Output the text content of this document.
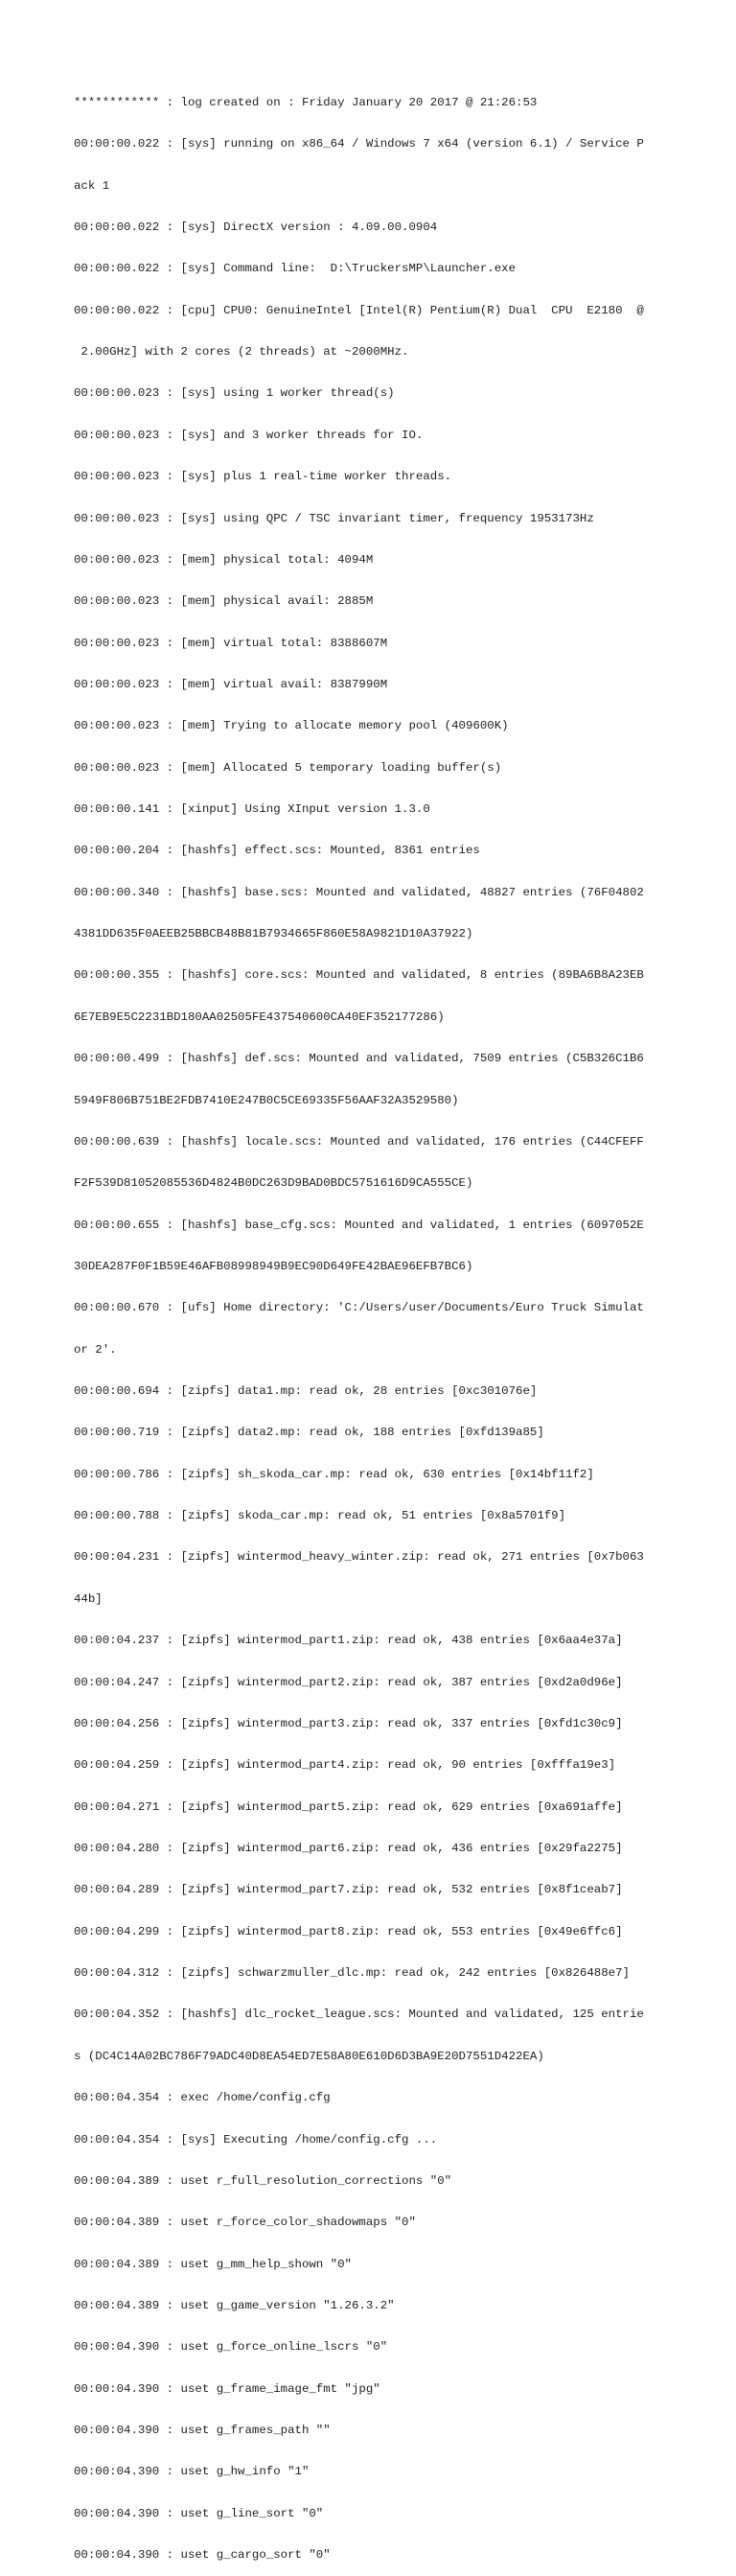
************ : log created on : Friday January 20 2017 @ 21:26:53

00:00:00.022 : [sys] running on x86_64 / Windows 7 x64 (version 6.1) / Service P

ack 1

00:00:00.022 : [sys] DirectX version : 4.09.00.0904

00:00:00.022 : [sys] Command line:  D:\TruckersMP\Launcher.exe

00:00:00.022 : [cpu] CPU0: GenuineIntel [Intel(R) Pentium(R) Dual  CPU  E2180  @

2.00GHz] with 2 cores (2 threads) at ~2000MHz.

00:00:00.023 : [sys] using 1 worker thread(s)

00:00:00.023 : [sys] and 3 worker threads for IO.

00:00:00.023 : [sys] plus 1 real-time worker threads.

00:00:00.023 : [sys] using QPC / TSC invariant timer, frequency 1953173Hz

00:00:00.023 : [mem] physical total: 4094M

00:00:00.023 : [mem] physical avail: 2885M

00:00:00.023 : [mem] virtual total: 8388607M

00:00:00.023 : [mem] virtual avail: 8387990M

00:00:00.023 : [mem] Trying to allocate memory pool (409600K)

00:00:00.023 : [mem] Allocated 5 temporary loading buffer(s)

00:00:00.141 : [xinput] Using XInput version 1.3.0

00:00:00.204 : [hashfs] effect.scs: Mounted, 8361 entries

00:00:00.340 : [hashfs] base.scs: Mounted and validated, 48827 entries (76F04802

4381DD635F0AEEB25BBCB48B81B7934665F860E58A9821D10A37922)

00:00:00.355 : [hashfs] core.scs: Mounted and validated, 8 entries (89BA6B8A23EB

6E7EB9E5C2231BD180AA02505FE437540600CA40EF352177286)

00:00:00.499 : [hashfs] def.scs: Mounted and validated, 7509 entries (C5B326C1B6

5949F806B751BE2FDB7410E247B0C5CE69335F56AAF32A3529580)

00:00:00.639 : [hashfs] locale.scs: Mounted and validated, 176 entries (C44CFEFF

F2F539D81052085536D4824B0DC263D9BAD0BDC5751616D9CA555CE)

00:00:00.655 : [hashfs] base_cfg.scs: Mounted and validated, 1 entries (6097052E

30DEA287F0F1B59E46AFB08998949B9EC90D649FE42BAE96EFB7BC6)

00:00:00.670 : [ufs] Home directory: 'C:/Users/user/Documents/Euro Truck Simulat

or 2'.

00:00:00.694 : [zipfs] data1.mp: read ok, 28 entries [0xc301076e]

00:00:00.719 : [zipfs] data2.mp: read ok, 188 entries [0xfd139a85]

00:00:00.786 : [zipfs] sh_skoda_car.mp: read ok, 630 entries [0x14bf11f2]

00:00:00.788 : [zipfs] skoda_car.mp: read ok, 51 entries [0x8a5701f9]

00:00:04.231 : [zipfs] wintermod_heavy_winter.zip: read ok, 271 entries [0x7b063

44b]

00:00:04.237 : [zipfs] wintermod_part1.zip: read ok, 438 entries [0x6aa4e37a]

00:00:04.247 : [zipfs] wintermod_part2.zip: read ok, 387 entries [0xd2a0d96e]

00:00:04.256 : [zipfs] wintermod_part3.zip: read ok, 337 entries [0xfd1c30c9]

00:00:04.259 : [zipfs] wintermod_part4.zip: read ok, 90 entries [0xfffa19e3]

00:00:04.271 : [zipfs] wintermod_part5.zip: read ok, 629 entries [0xa691affe]

00:00:04.280 : [zipfs] wintermod_part6.zip: read ok, 436 entries [0x29fa2275]

00:00:04.289 : [zipfs] wintermod_part7.zip: read ok, 532 entries [0x8f1ceab7]

00:00:04.299 : [zipfs] wintermod_part8.zip: read ok, 553 entries [0x49e6ffc6]

00:00:04.312 : [zipfs] schwarzmuller_dlc.mp: read ok, 242 entries [0x826488e7]

00:00:04.352 : [hashfs] dlc_rocket_league.scs: Mounted and validated, 125 entrie

s (DC4C14A02BC786F79ADC40D8EA54ED7E58A80E610D6D3BA9E20D7551D422EA)

00:00:04.354 : exec /home/config.cfg

00:00:04.354 : [sys] Executing /home/config.cfg ...

00:00:04.389 : uset r_full_resolution_corrections "0"

00:00:04.389 : uset r_force_color_shadowmaps "0"

00:00:04.389 : uset g_mm_help_shown "0"

00:00:04.389 : uset g_game_version "1.26.3.2"

00:00:04.390 : uset g_force_online_lscrs "0"

00:00:04.390 : uset g_frame_image_fmt "jpg"

00:00:04.390 : uset g_frames_path ""

00:00:04.390 : uset g_hw_info "1"

00:00:04.390 : uset g_line_sort "0"

00:00:04.390 : uset g_cargo_sort "0"
